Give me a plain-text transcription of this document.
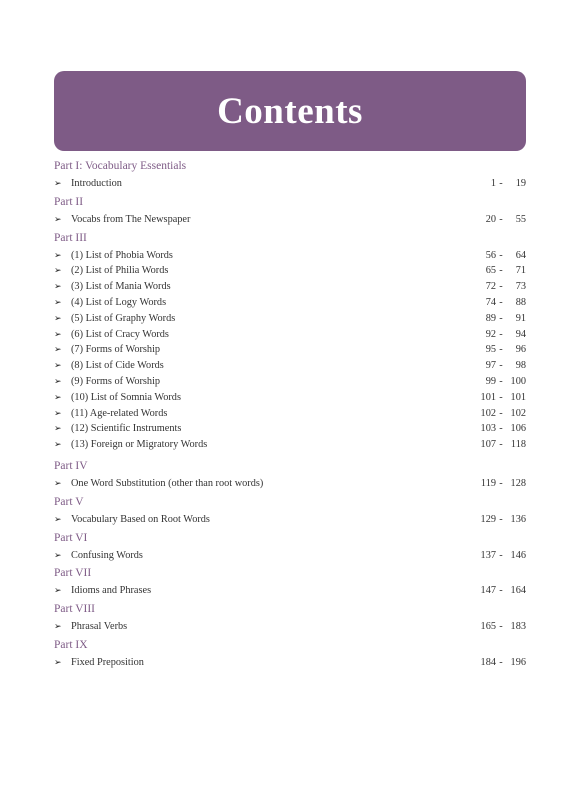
Contents
Part I: Vocabulary Essentials
➢ Introduction	1 -	19
Part II
➢ Vocabs from The Newspaper	20 -	55
Part III
➢ (1) List of Phobia Words	56 -	64
➢ (2) List of Philia Words	65 -	71
➢ (3) List of Mania Words	72 -	73
➢ (4) List of Logy Words	74 -	88
➢ (5) List of Graphy Words	89 -	91
➢ (6) List of Cracy Words	92 -	94
➢ (7) Forms of Worship	95 -	96
➢ (8) List of Cide Words	97 -	98
➢ (9) Forms of Worship	99 - 100
➢ (10) List of Somnia Words	101 - 101
➢ (11) Age-related Words	102 - 102
➢ (12) Scientific Instruments	103 - 106
➢ (13) Foreign or Migratory Words	107 - 118
Part IV
➢ One Word Substitution (other than root words)	119 - 128
Part V
➢ Vocabulary Based on Root Words	129 - 136
Part VI
➢ Confusing Words	137 - 146
Part VII
➢ Idioms and Phrases	147 - 164
Part VIII
➢ Phrasal Verbs	165 - 183
Part IX
➢ Fixed Preposition	184 - 196
